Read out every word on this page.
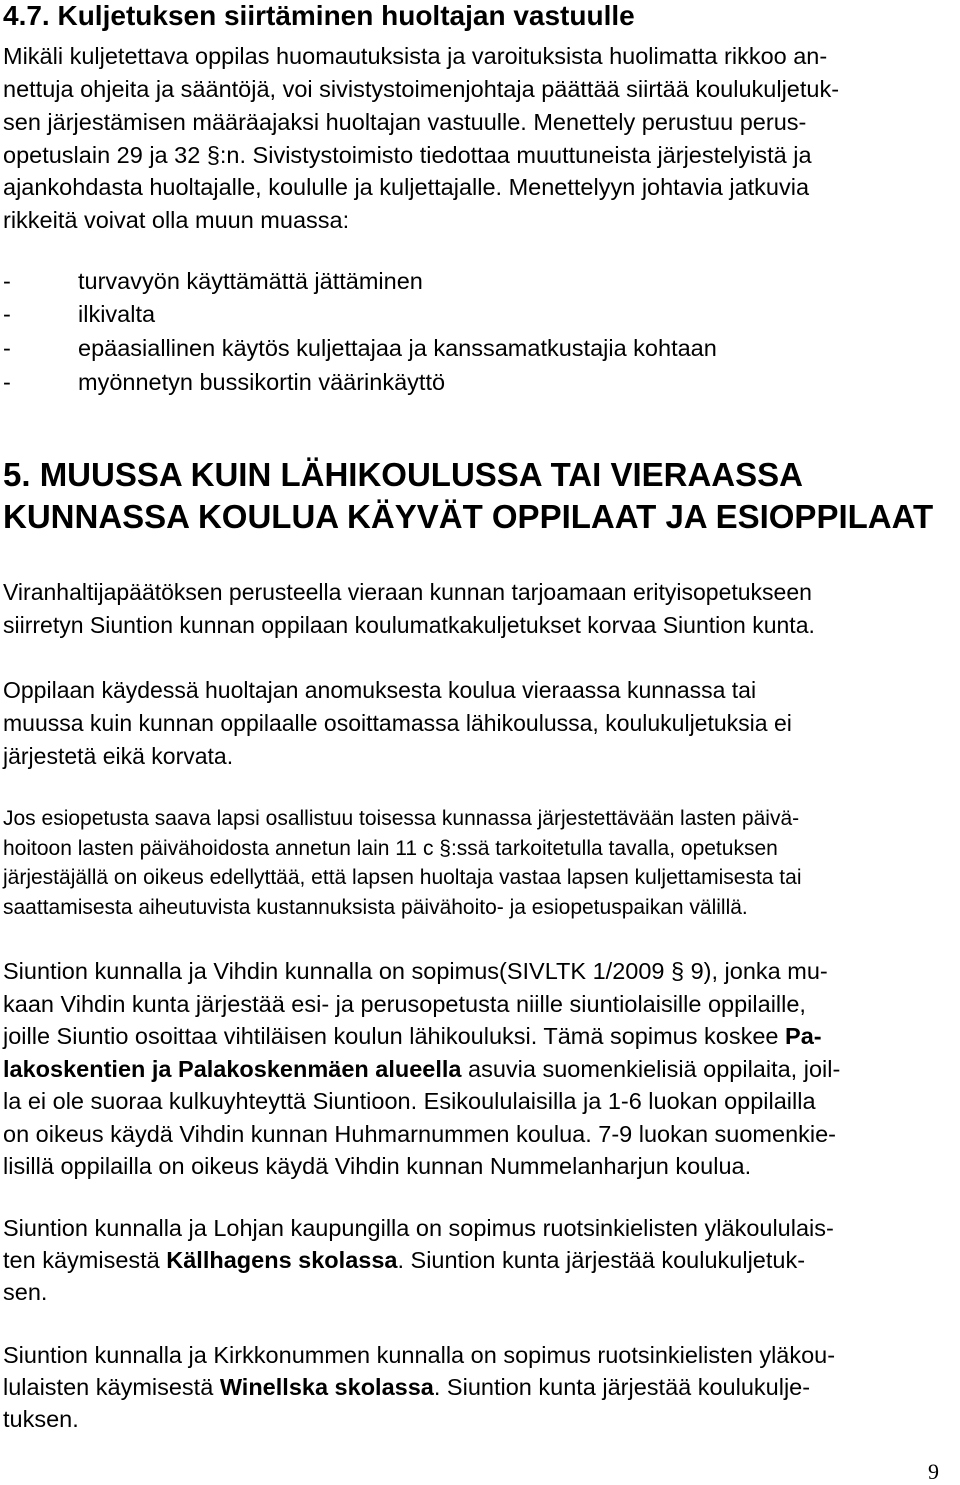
4.7. Kuljetuksen siirtäminen huoltajan vastuulle
Mikäli kuljetettava oppilas huomautuksista ja varoituksista huolimatta rikkoo an-
nettuja ohjeita ja sääntöjä, voi sivistystoimenjohtaja päättää siirtää koulukuljetuk-
sen järjestämisen määräajaksi huoltajan vastuulle. Menettely perustuu perus-
opetuslain 29 ja 32 §:n. Sivistystoimisto tiedottaa muuttuneista järjestelyistä ja
ajankohdasta huoltajalle, koululle ja kuljettajalle. Menettelyyn johtavia jatkuvia
rikkeitä voivat olla muun muassa:
-	turvavyön käyttämättä jättäminen
-	ilkivalta
-	epäasiallinen käytös kuljettajaa ja kanssamatkustajia kohtaan
-	myönnetyn bussikortin väärinkäyttö
5. MUUSSA KUIN LÄHIKOULUSSA TAI VIERAASSA
KUNNASSA KOULUA KÄYVÄT OPPILAAT JA ESIOPPILAAT
Viranhaltijapäätöksen perusteella vieraan kunnan tarjoamaan erityisopetukseen
siirretyn Siuntion kunnan oppilaan koulumatkakuljetukset korvaa Siuntion kunta.
Oppilaan käydessä huoltajan anomuksesta koulua vieraassa kunnassa tai
muussa kuin kunnan oppilaalle osoittamassa lähikoulussa, koulukuljetuksia ei
järjestetä eikä korvata.
Jos esiopetusta saava lapsi osallistuu toisessa kunnassa järjestettävään lasten päivä-
hoitoon lasten päivähoidosta annetun lain 11 c §:ssä tarkoitetulla tavalla, opetuksen
järjestäjällä on oikeus edellyttää, että lapsen huoltaja vastaa lapsen kuljettamisesta tai
saattamisesta aiheutuvista kustannuksista päivähoito- ja esiopetuspaikan välillä.
Siuntion kunnalla ja Vihdin kunnalla on sopimus(SIVLTK 1/2009 § 9), jonka mu-
kaan Vihdin kunta järjestää esi- ja perusopetusta niille siuntiolaisille oppilaille,
joille Siuntio osoittaa vihtiläisen koulun lähikouluksi. Tämä sopimus koskee Pa-
lakoskentien ja Palakoskenmäen alueella asuvia suomenkielisiä oppilaita, joil-
la ei ole suoraa kulkuyhteyttä Siuntioon. Esikoululaisilla ja 1-6 luokan oppilailla
on oikeus käydä Vihdin kunnan Huhmarnummen koulua. 7-9 luokan suomenkie-
lisillä oppilailla on oikeus käydä Vihdin kunnan Nummelanharjun koulua.
Siuntion kunnalla ja Lohjan kaupungilla on sopimus ruotsinkielisten yläkoululais-
ten käymisestä Källhagens skolassa. Siuntion kunta järjestää koulukuljetuk-
sen.
Siuntion kunnalla ja Kirkkonummen kunnalla on sopimus ruotsinkielisten yläkou-
lulaisten käymisestä Winellska skolassa. Siuntion kunta järjestää koulukulje-
tuksen.
9
